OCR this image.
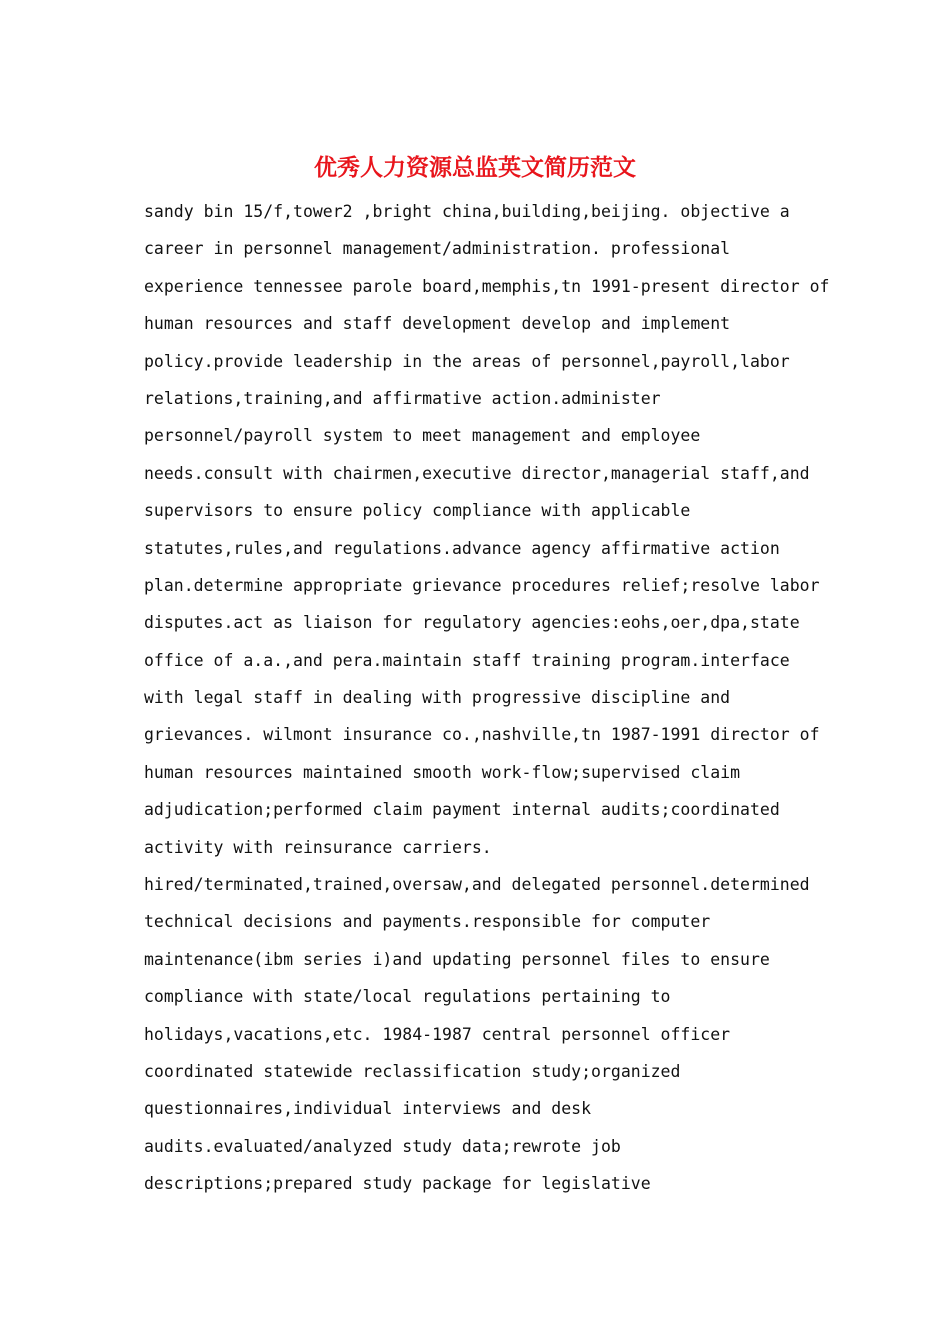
优秀人力资源总监英文简历范文
sandy bin 15/f,tower2 ,bright china,building,beijing. objective a
career in personnel management/administration. professional
experience tennessee parole board,memphis,tn 1991-present director of
human resources and staff development develop and implement
policy.provide leadership in the areas of personnel,payroll,labor
relations,training,and affirmative action.administer
personnel/payroll system to meet management and employee
needs.consult with chairmen,executive director,managerial staff,and
supervisors to ensure policy compliance with applicable
statutes,rules,and regulations.advance agency affirmative action
plan.determine appropriate grievance procedures relief;resolve labor
disputes.act as liaison for regulatory agencies:eohs,oer,dpa,state
office of a.a.,and pera.maintain staff training program.interface
with legal staff in dealing with progressive discipline and
grievances. wilmont insurance co.,nashville,tn 1987-1991 director of
human resources maintained smooth work-flow;supervised claim
adjudication;performed claim payment internal audits;coordinated
activity with reinsurance carriers.
hired/terminated,trained,oversaw,and delegated personnel.determined
technical decisions and payments.responsible for computer
maintenance(ibm series i)and updating personnel files to ensure
compliance with state/local regulations pertaining to
holidays,vacations,etc. 1984-1987 central personnel officer
coordinated statewide reclassification study;organized
questionnaires,individual interviews and desk
audits.evaluated/analyzed study data;rewrote job
descriptions;prepared study package for legislative
